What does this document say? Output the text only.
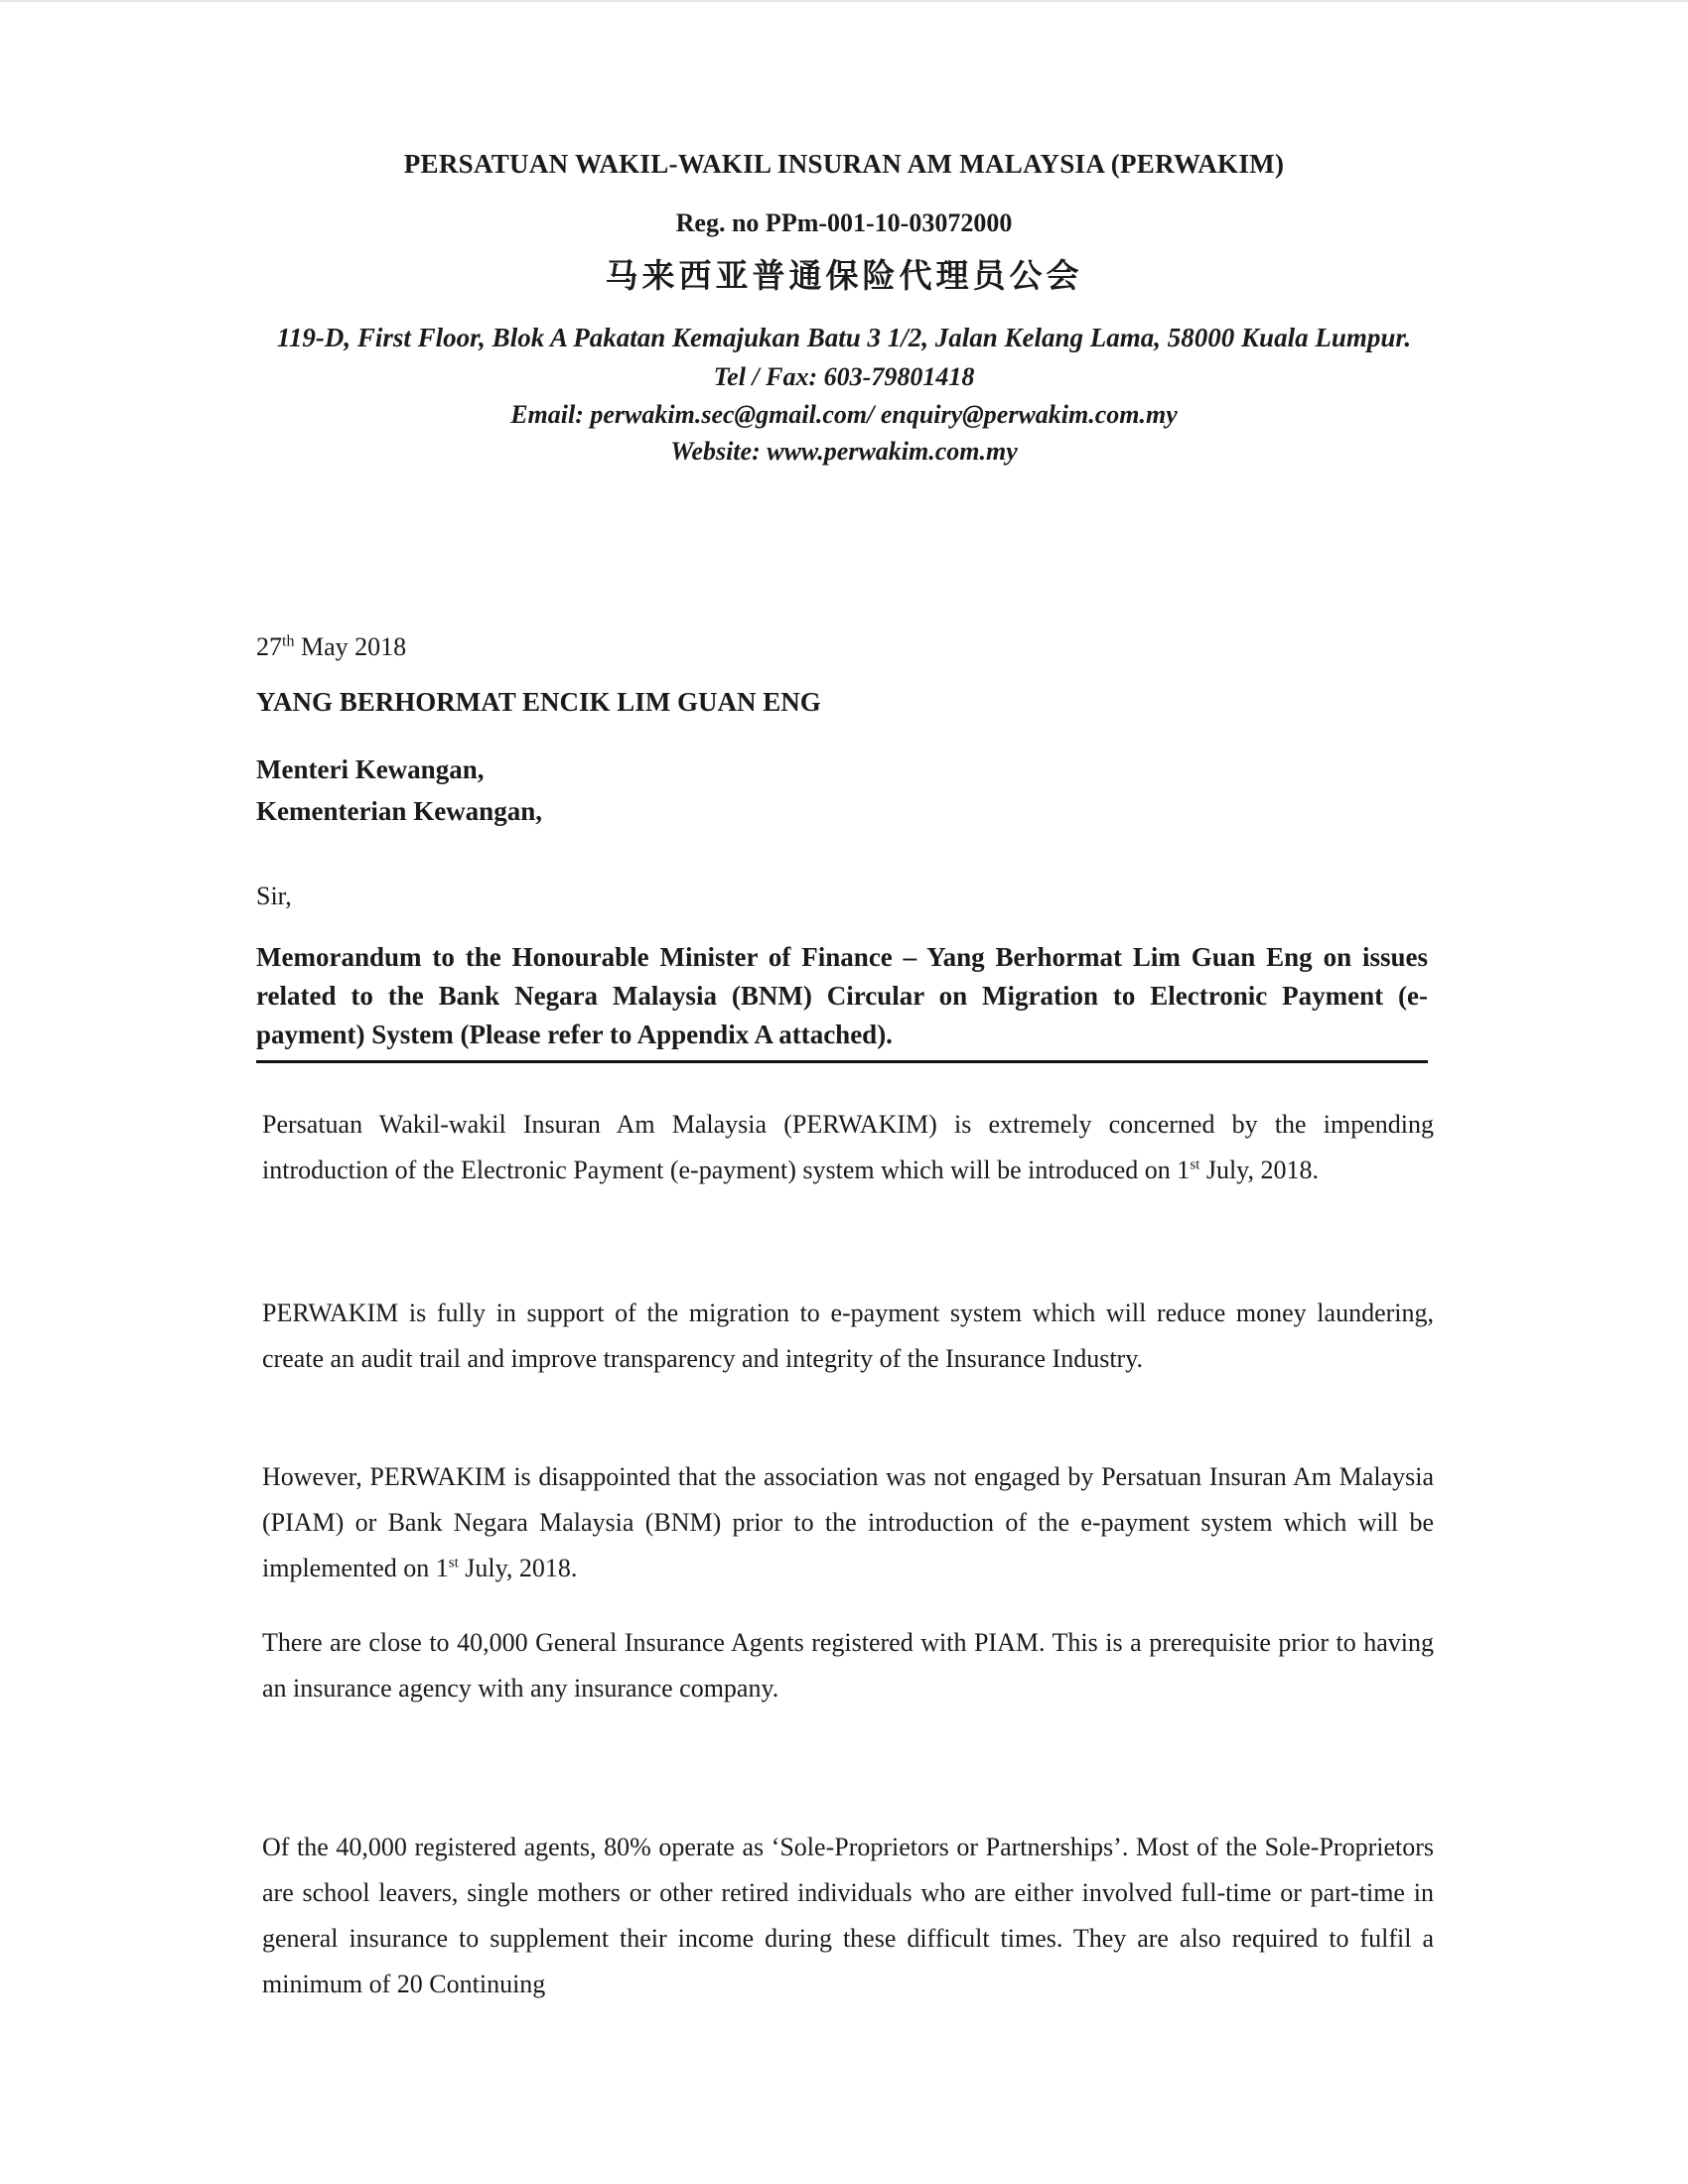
PERSATUAN WAKIL-WAKIL INSURAN AM MALAYSIA (PERWAKIM)
Reg. no PPm-001-10-03072000
马来西亚普通保险代理员公会
119-D, First Floor, Blok A Pakatan Kemajukan Batu 3 1/2, Jalan Kelang Lama, 58000 Kuala Lumpur.
Tel / Fax: 603-79801418
Email: perwakim.sec@gmail.com/ enquiry@perwakim.com.my
Website: www.perwakim.com.my
27th May 2018
YANG BERHORMAT ENCIK LIM GUAN ENG
Menteri Kewangan,
Kementerian Kewangan,
Sir,
Memorandum to the Honourable Minister of Finance – Yang Berhormat Lim Guan Eng on issues related to the Bank Negara Malaysia (BNM) Circular on Migration to Electronic Payment (e-payment) System (Please refer to Appendix A attached).
Persatuan Wakil-wakil Insuran Am Malaysia (PERWAKIM) is extremely concerned by the impending introduction of the Electronic Payment (e-payment) system which will be introduced on 1st July, 2018.
PERWAKIM is fully in support of the migration to e-payment system which will reduce money laundering, create an audit trail and improve transparency and integrity of the Insurance Industry.
However, PERWAKIM is disappointed that the association was not engaged by Persatuan Insuran Am Malaysia (PIAM) or Bank Negara Malaysia (BNM) prior to the introduction of the e-payment system which will be implemented on 1st July, 2018.
There are close to 40,000 General Insurance Agents registered with PIAM. This is a prerequisite prior to having an insurance agency with any insurance company.
Of the 40,000 registered agents, 80% operate as ‘Sole-Proprietors or Partnerships’. Most of the Sole-Proprietors are school leavers, single mothers or other retired individuals who are either involved full-time or part-time in general insurance to supplement their income during these difficult times. They are also required to fulfil a minimum of 20 Continuing
